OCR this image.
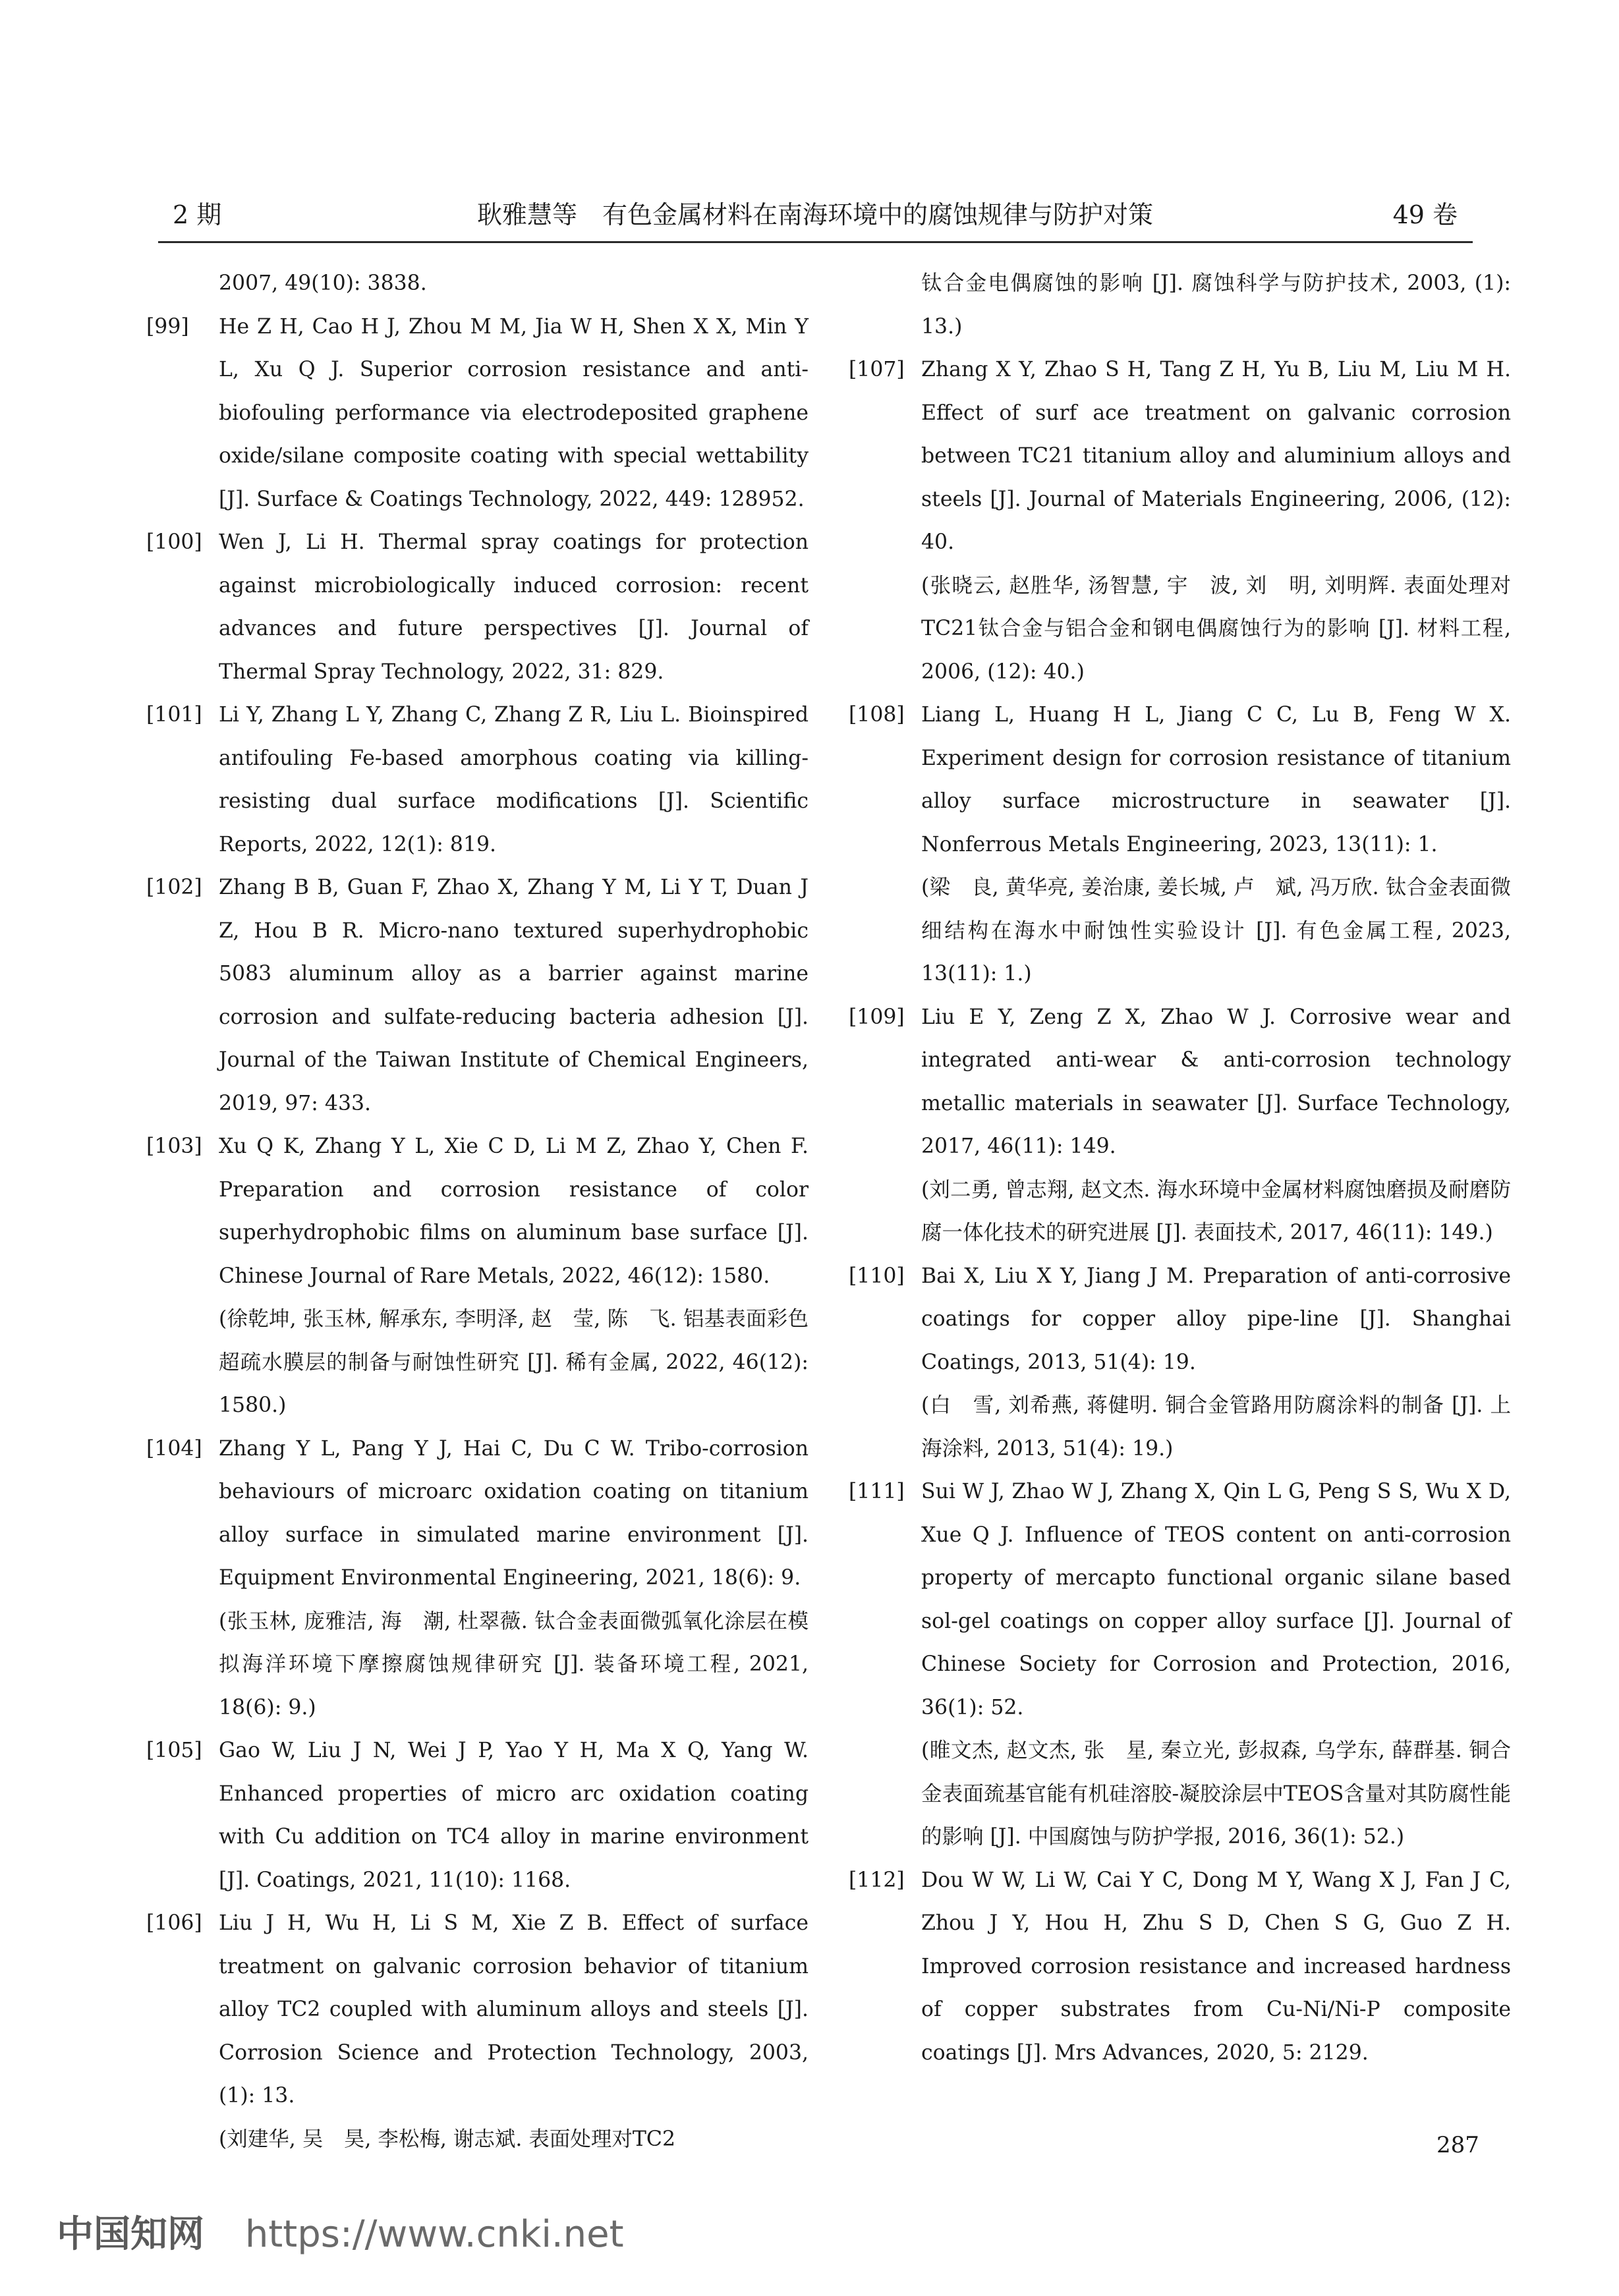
2 期	耿雅慧等　有色金属材料在南海环境中的腐蚀规律与防护对策	49 卷

2007, 49(10): 3838.

[99] He Z H, Cao H J, Zhou M M, Jia W H, Shen X X, Min Y L, Xu Q J. Superior corrosion resistance and anti-biofouling performance via electrodeposited graphene oxide/silane composite coating with special wettability [J]. Surface & Coatings Technology, 2022, 449: 128952.

[100] Wen J, Li H. Thermal spray coatings for protection against microbiologically induced corrosion: recent advances and future perspectives [J]. Journal of Thermal Spray Technology, 2022, 31: 829.

[101] Li Y, Zhang L Y, Zhang C, Zhang Z R, Liu L. Bioinspired antifouling Fe-based amorphous coating via killing-resisting dual surface modifications [J]. Scientific Reports, 2022, 12(1): 819.

[102] Zhang B B, Guan F, Zhao X, Zhang Y M, Li Y T, Duan J Z, Hou B R. Micro-nano textured superhydrophobic 5083 aluminum alloy as a barrier against marine corrosion and sulfate-reducing bacteria adhesion [J]. Journal of the Taiwan Institute of Chemical Engineers, 2019, 97: 433.

[103] Xu Q K, Zhang Y L, Xie C D, Li M Z, Zhao Y, Chen F. Preparation and corrosion resistance of color superhydrophobic films on aluminum base surface [J]. Chinese Journal of Rare Metals, 2022, 46(12): 1580.

(徐乾坤, 张玉林, 解承东, 李明泽, 赵　莹, 陈　飞. 铝基表面彩色超疏水膜层的制备与耐蚀性研究 [J]. 稀有金属, 2022, 46(12): 1580.)

[104] Zhang Y L, Pang Y J, Hai C, Du C W. Tribo-corrosion behaviours of microarc oxidation coating on titanium alloy surface in simulated marine environment [J]. Equipment Environmental Engineering, 2021, 18(6): 9.

(张玉林, 庞雅洁, 海　潮, 杜翠薇. 钛合金表面微弧氧化涂层在模拟海洋环境下摩擦腐蚀规律研究 [J]. 装备环境工程, 2021, 18(6): 9.)

[105] Gao W, Liu J N, Wei J P, Yao Y H, Ma X Q, Yang W. Enhanced properties of micro arc oxidation coating with Cu addition on TC4 alloy in marine environment [J]. Coatings, 2021, 11(10): 1168.

[106] Liu J H, Wu H, Li S M, Xie Z B. Effect of surface treatment on galvanic corrosion behavior of titanium alloy TC2 coupled with aluminum alloys and steels [J]. Corrosion Science and Protection Technology, 2003, (1): 13.

(刘建华, 吴　昊, 李松梅, 谢志斌. 表面处理对TC2

钛合金电偶腐蚀的影响 [J]. 腐蚀科学与防护技术, 2003, (1): 13.)

[107] Zhang X Y, Zhao S H, Tang Z H, Yu B, Liu M, Liu M H. Effect of surf ace treatment on galvanic corrosion between TC21 titanium alloy and aluminium alloys and steels [J]. Journal of Materials Engineering, 2006, (12): 40.

(张晓云, 赵胜华, 汤智慧, 宇　波, 刘　明, 刘明辉. 表面处理对TC21钛合金与铝合金和钢电偶腐蚀行为的影响 [J]. 材料工程, 2006, (12): 40.)

[108] Liang L, Huang H L, Jiang C C, Lu B, Feng W X. Experiment design for corrosion resistance of titanium alloy surface microstructure in seawater [J]. Nonferrous Metals Engineering, 2023, 13(11): 1.

(梁　良, 黄华亮, 姜治康, 姜长城, 卢　斌, 冯万欣. 钛合金表面微细结构在海水中耐蚀性实验设计 [J]. 有色金属工程, 2023, 13(11): 1.)

[109] Liu E Y, Zeng Z X, Zhao W J. Corrosive wear and integrated anti-wear & anti-corrosion technology metallic materials in seawater [J]. Surface Technology, 2017, 46(11): 149.

(刘二勇, 曾志翔, 赵文杰. 海水环境中金属材料腐蚀磨损及耐磨防腐一体化技术的研究进展 [J]. 表面技术, 2017, 46(11): 149.)

[110] Bai X, Liu X Y, Jiang J M. Preparation of anti-corrosive coatings for copper alloy pipe-line [J]. Shanghai Coatings, 2013, 51(4): 19.

(白　雪, 刘希燕, 蒋健明. 铜合金管路用防腐涂料的制备 [J]. 上海涂料, 2013, 51(4): 19.)

[111] Sui W J, Zhao W J, Zhang X, Qin L G, Peng S S, Wu X D, Xue Q J. Influence of TEOS content on anti-corrosion property of mercapto functional organic silane based sol-gel coatings on copper alloy surface [J]. Journal of Chinese Society for Corrosion and Protection, 2016, 36(1): 52.

(睢文杰, 赵文杰, 张　星, 秦立光, 彭叔森, 乌学东, 薛群基. 铜合金表面巯基官能有机硅溶胶-凝胶涂层中TEOS含量对其防腐性能的影响 [J]. 中国腐蚀与防护学报, 2016, 36(1): 52.)

[112] Dou W W, Li W, Cai Y C, Dong M Y, Wang X J, Fan J C, Zhou J Y, Hou H, Zhu S D, Chen S G, Guo Z H. Improved corrosion resistance and increased hardness of copper substrates from Cu-Ni/Ni-P composite coatings [J]. Mrs Advances, 2020, 5: 2129.

287
中国知网 https://www.cnki.net
